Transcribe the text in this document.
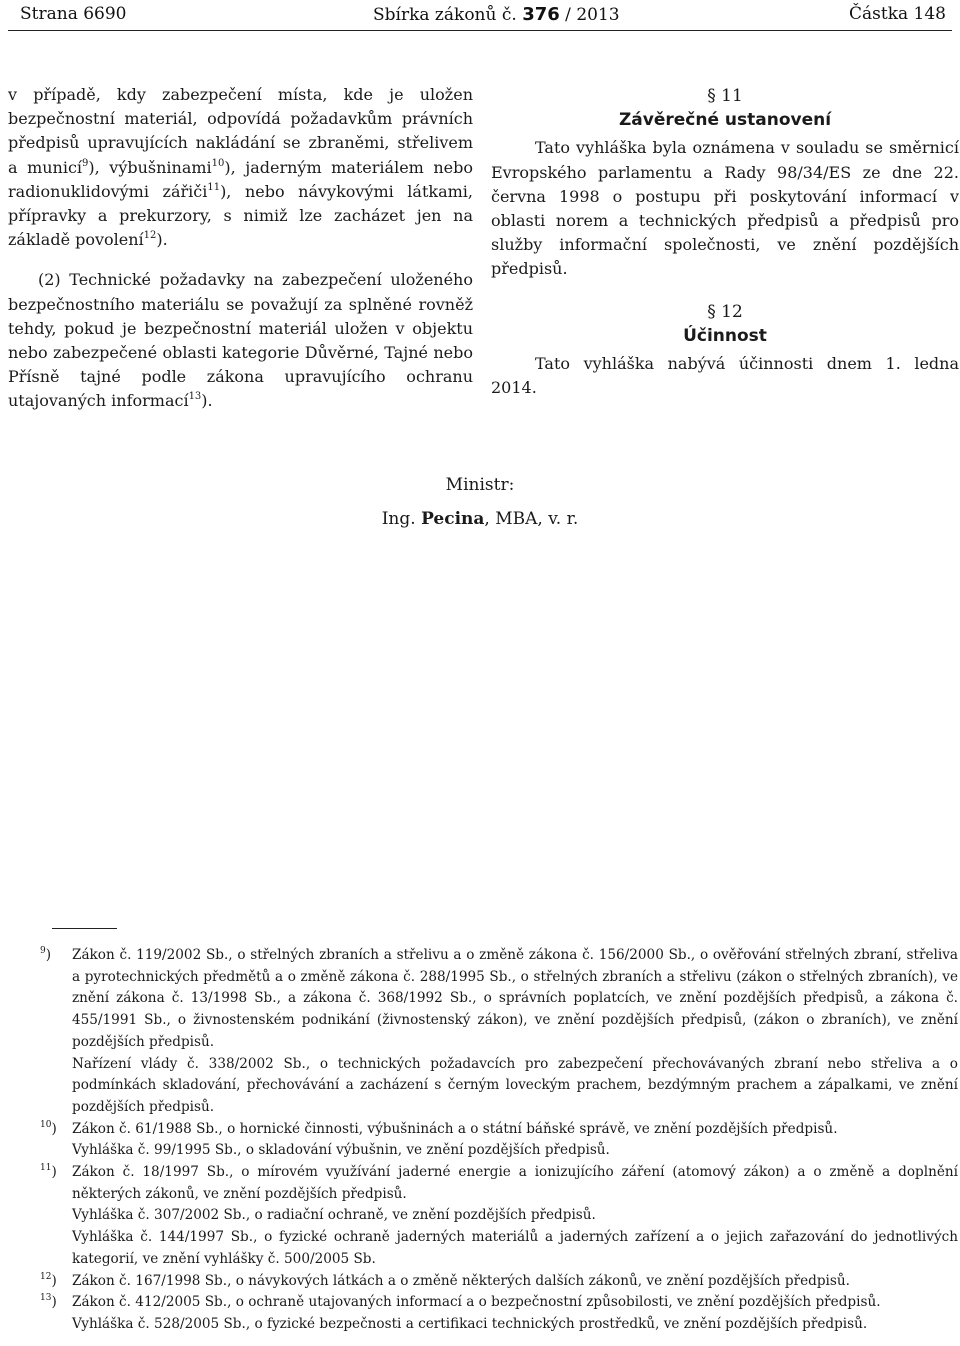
Strana 6690	Sbírka zákonů č. 376 / 2013	Částka 148

v případě, kdy zabezpečení místa, kde je uložen bezpečnostní materiál, odpovídá požadavkům právních předpisů upravujících nakládání se zbraněmi, střelivem a municí$^9$), výbušninami$^{10}$), jaderným materiálem nebo radionuklidovými zářiči$^{11}$), nebo návykovými látkami, přípravky a prekurzory, s nimiž lze zacházet jen na základě povolení$^{12}$).

(2) Technické požadavky na zabezpečení uloženého bezpečnostního materiálu se považují za splněné rovněž tehdy, pokud je bezpečnostní materiál uložen v objektu nebo zabezpečené oblasti kategorie Důvěrné, Tajné nebo Přísně tajné podle zákona upravujícího ochranu utajovaných informací$^{13}$).

§ 11
Závěrečné ustanovení

Tato vyhláška byla oznámena v souladu se směrnicí Evropského parlamentu a Rady 98/34/ES ze dne 22. června 1998 o postupu při poskytování informací v oblasti norem a technických předpisů a předpisů pro služby informační společnosti, ve znění pozdějších předpisů.

§ 12
Účinnost

Tato vyhláška nabývá účinnosti dnem 1. ledna 2014.

Ministr:
Ing. Pecina, MBA, v. r.
$^9$) Zákon č. 119/2002 Sb., o střelných zbraních a střelivu a o změně zákona č. 156/2000 Sb., o ověřování střelných zbraní, střeliva a pyrotechnických předmětů a o změně zákona č. 288/1995 Sb., o střelných zbraních a střelivu (zákon o střelných zbraních), ve znění zákona č. 13/1998 Sb., a zákona č. 368/1992 Sb., o správních poplatcích, ve znění pozdějších předpisů, a zákona č. 455/1991 Sb., o živnostenském podnikání (živnostenský zákon), ve znění pozdějších předpisů, (zákon o zbraních), ve znění pozdějších předpisů.

Nařízení vlády č. 338/2002 Sb., o technických požadavcích pro zabezpečení přechovávaných zbraní nebo střeliva a o podmínkách skladování, přechovávání a zacházení s černým loveckým prachem, bezdýmným prachem a zápalkami, ve znění pozdějších předpisů.

$^{10}$) Zákon č. 61/1988 Sb., o hornické činnosti, výbušninách a o státní báňské správě, ve znění pozdějších předpisů.

Vyhláška č. 99/1995 Sb., o skladování výbušnin, ve znění pozdějších předpisů.

$^{11}$) Zákon č. 18/1997 Sb., o mírovém využívání jaderné energie a ionizujícího záření (atomový zákon) a o změně a doplnění některých zákonů, ve znění pozdějších předpisů.

Vyhláška č. 307/2002 Sb., o radiační ochraně, ve znění pozdějších předpisů.

Vyhláška č. 144/1997 Sb., o fyzické ochraně jaderných materiálů a jaderných zařízení a o jejich zařazování do jednotlivých kategorií, ve znění vyhlášky č. 500/2005 Sb.

$^{12}$) Zákon č. 167/1998 Sb., o návykových látkách a o změně některých dalších zákonů, ve znění pozdějších předpisů.

$^{13}$) Zákon č. 412/2005 Sb., o ochraně utajovaných informací a o bezpečnostní způsobilosti, ve znění pozdějších předpisů.

Vyhláška č. 528/2005 Sb., o fyzické bezpečnosti a certifikaci technických prostředků, ve znění pozdějších předpisů.
